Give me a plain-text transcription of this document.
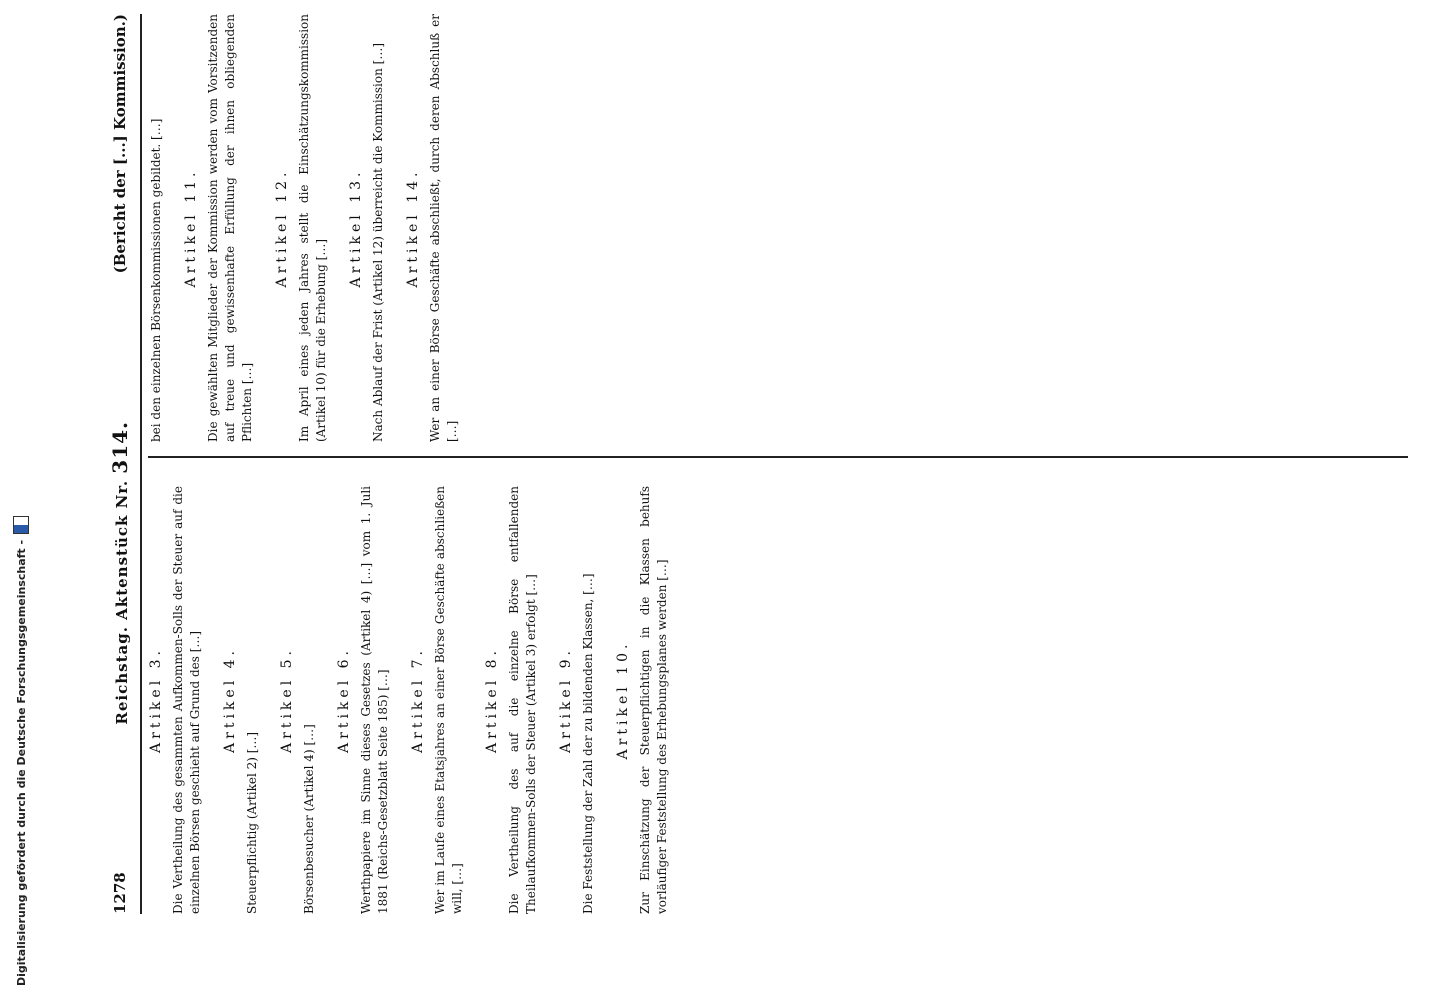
Digitalisierung gefördert durch die Deutsche Forschungsgemeinschaft -	1278
Reichstag. Aktenstück Nr. 314.
(Bericht der [...] Kommission.)
Artikel 3. Die Vertheilung des gesammten Aufkommen-Solls der Steuer auf die einzelnen Börsen geschieht auf Grund des […] Artikel 4.
Steuerpflichtig (Artikel 2) […]
Artikel 5.
Börsenbesucher (Artikel 4) […]
Artikel 6. Werthpapiere im Sinne dieses Gesetzes (Artikel 4) […] vom 1. Juli 1881 (Reichs-Gesetzblatt Seite 185) […] Artikel 7. Wer im Laufe eines Etatsjahres an einer Börse Geschäfte abschließen will, […]
Artikel 8. Die Vertheilung des auf die einzelne Börse entfallenden Theilaufkommen-Solls der Steuer (Artikel 3) erfolgt […] Artikel 9. Die Feststellung der Zahl der zu bildenden Klassen, […] Artikel 10. Zur Einschätzung der Steuerpflichtigen in die Klassen behufs vorläufiger Feststellung des Erhebungsplanes werden […]
bei den einzelnen Börsenkommissionen gebildet. […] Artikel 11. Die gewählten Mitglieder der Kommission werden vom Vorsitzenden auf treue und gewissenhafte Erfüllung der ihnen obliegenden Pflichten […]
Artikel 12. Im April eines jeden Jahres stellt die Einschätzungskommission (Artikel 10) für die Erhebung […]
Artikel 13. Nach Ablauf der Frist (Artikel 12) überreicht die Kommission […] Artikel 14. Wer an einer Börse Geschäfte abschließt, durch deren Abschluß er […]
